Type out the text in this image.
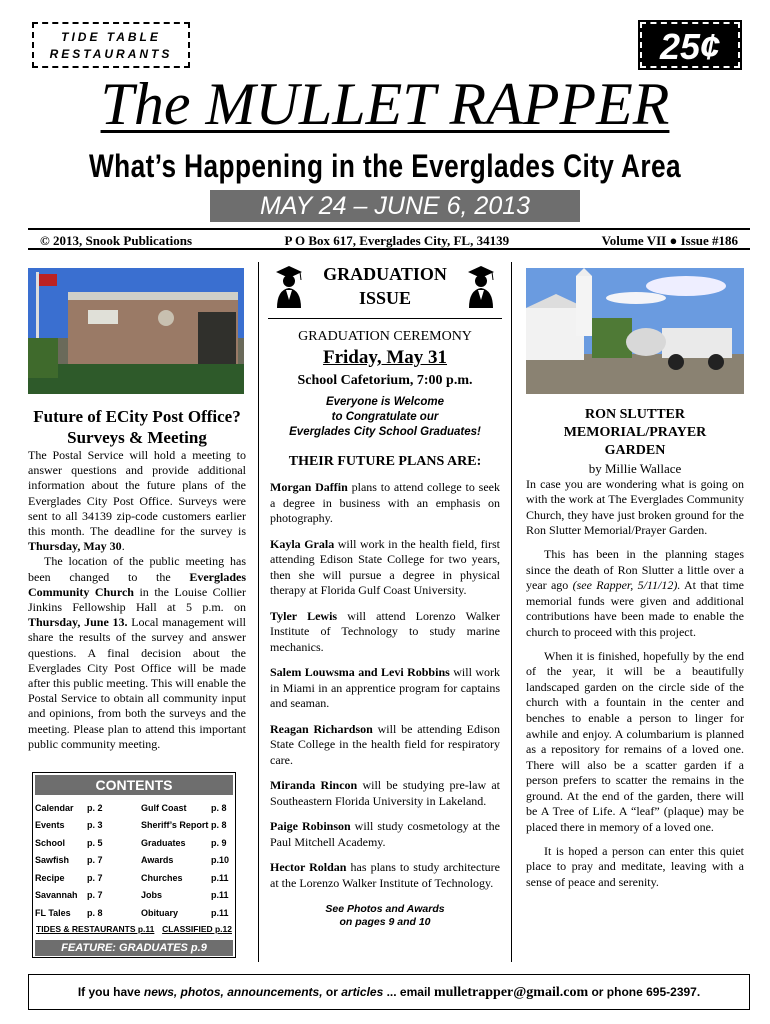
TIDE TABLE
RESTAURANTS	25¢
The MULLET RAPPER
What’s Happening in the Everglades City Area
MAY 24 – JUNE 6, 2013
© 2013, Snook Publications	P O Box 617, Everglades City, FL, 34139	Volume VII ● Issue #186
Future of ECity Post Office?
Surveys & Meeting
The Postal Service will hold a meeting to answer questions and provide additional information about the future plans of the Everglades City Post Office. Surveys were sent to all 34139 zip-code customers earlier this month. The deadline for the survey is Thursday, May 30.
The location of the public meeting has been changed to the Everglades Community Church in the Louise Collier Jinkins Fellowship Hall at 5 p.m. on Thursday, June 13. Local management will share the results of the survey and answer questions. A final decision about the Everglades City Post Office will be made after this public meeting. This will enable the Postal Service to obtain all community input and opinions, from both the surveys and the meeting. Please plan to attend this important public community meeting.
CONTENTS
Calendar	p. 2	Gulf Coast	p. 8
Events	p. 3	Sheriff’s Report	p. 8
School	p. 5	Graduates	p. 9
Sawfish	p. 7	Awards	p.10
Recipe	p. 7	Churches	p.11
Savannah	p. 7	Jobs	p.11
FL Tales	p. 8	Obituary	p.11
TIDES & RESTAURANTS p.11 CLASSIFIED p.12
FEATURE: GRADUATES p.9
GRADUATION
ISSUE
GRADUATION CEREMONY
Friday, May 31
School Cafetorium, 7:00 p.m.
Everyone is Welcome
to Congratulate our
Everglades City School Graduates!
THEIR FUTURE PLANS ARE:

Morgan Daffin plans to attend college to seek a degree in business with an emphasis on photography.

Kayla Grala will work in the health field, first attending Edison State College for two years, then she will pursue a degree in physical therapy at Florida Gulf Coast University.

Tyler Lewis will attend Lorenzo Walker Institute of Technology to study marine mechanics.

Salem Louwsma and Levi Robbins will work in Miami in an apprentice program for captains and seaman.

Reagan Richardson will be attending Edison State College in the health field for respiratory care.

Miranda Rincon will be studying pre-law at Southeastern Florida University in Lakeland.

Paige Robinson will study cosmetology at the Paul Mitchell Academy.

Hector Roldan has plans to study architecture at the Lorenzo Walker Institute of Technology.

See Photos and Awards
on pages 9 and 10
RON SLUTTER
MEMORIAL/PRAYER
GARDEN
by Millie Wallace

In case you are wondering what is going on with the work at The Everglades Community Church, they have just broken ground for the Ron Slutter Memorial/Prayer Garden.

This has been in the planning stages since the death of Ron Slutter a little over a year ago (see Rapper, 5/11/12). At that time memorial funds were given and additional contributions have been made to enable the church to proceed with this project.

When it is finished, hopefully by the end of the year, it will be a beautifully landscaped garden on the circle side of the church with a fountain in the center and benches to enable a person to linger for awhile and enjoy. A columbarium is planned as a repository for remains of a loved one. There will also be a scatter garden if a person prefers to scatter the remains in the ground. At the end of the garden, there will be A Tree of Life. A “leaf” (plaque) may be placed there in memory of a loved one.

It is hoped a person can enter this quiet place to pray and meditate, leaving with a sense of peace and serenity.

If you have news, photos, announcements, or articles ... email mulletrapper@gmail.com or phone 695-2397.
